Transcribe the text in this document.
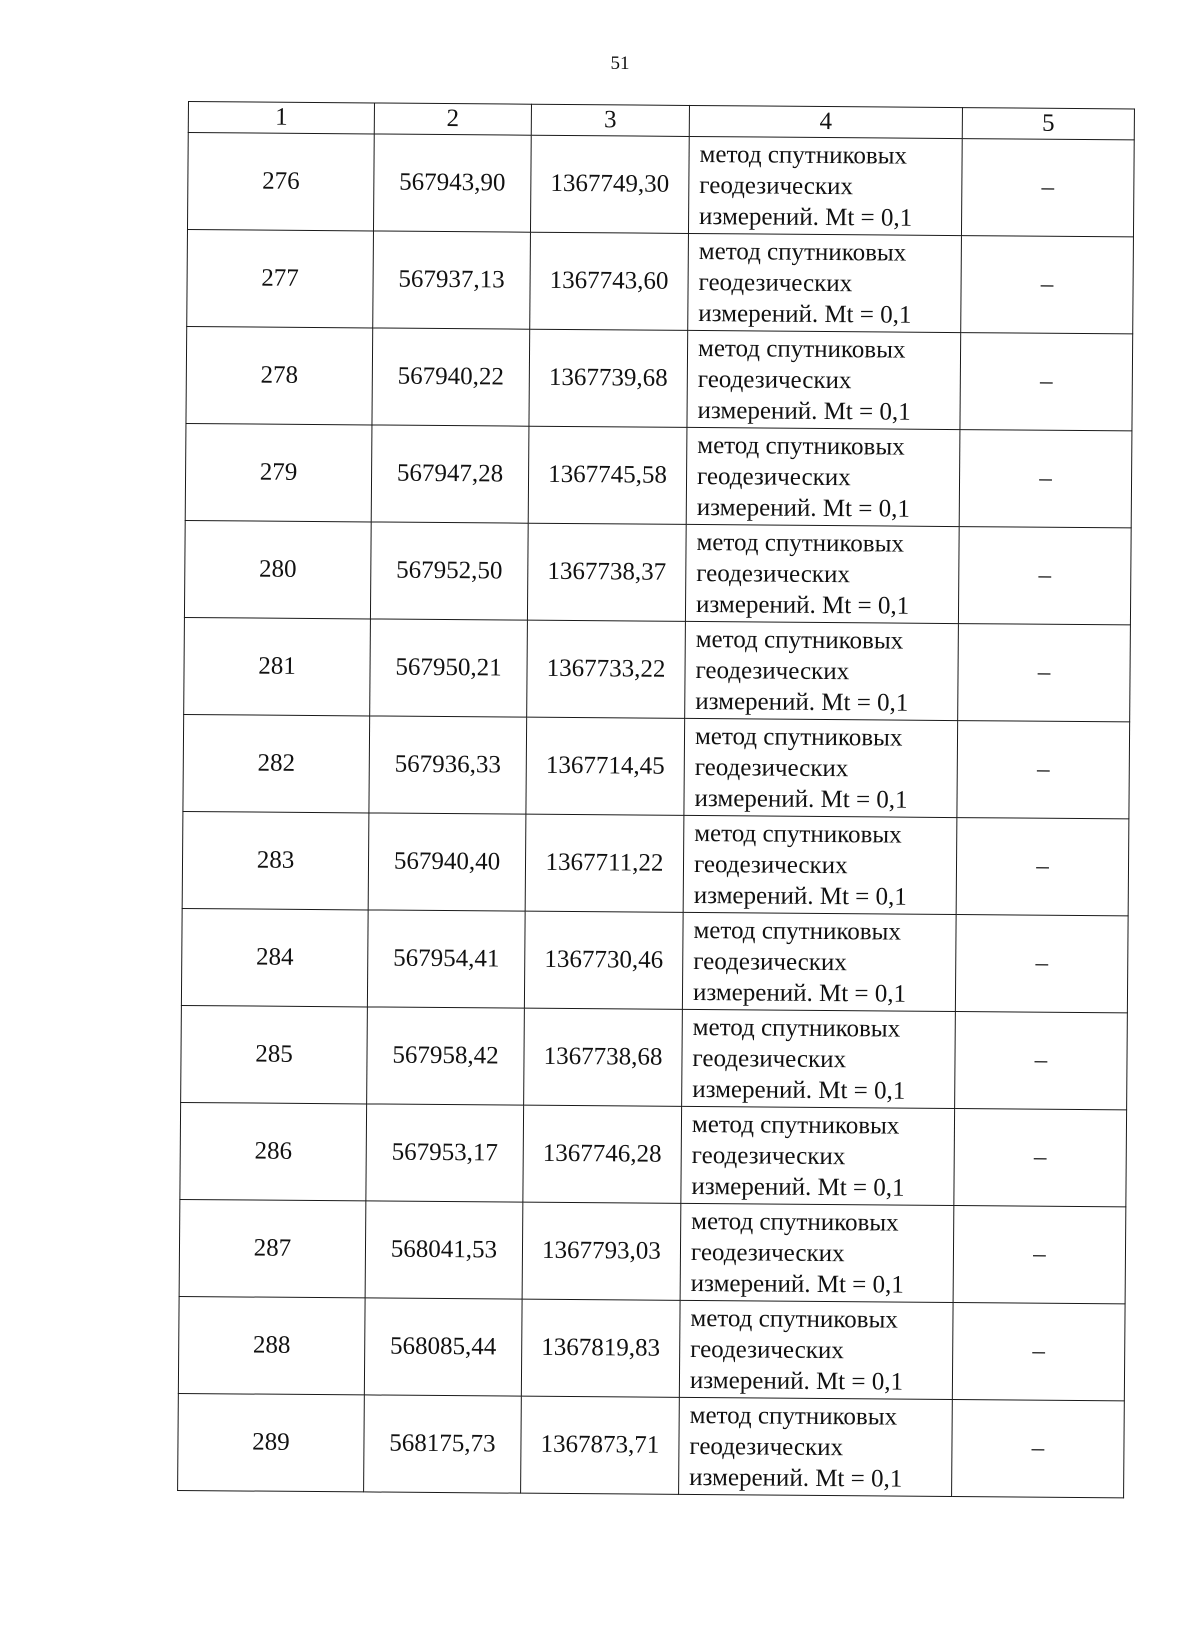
51
1	2	3	4	5
276	567943,90	1367749,30	метод спутниковых
геодезических
измерений. Mt = 0,1	–
277	567937,13	1367743,60	метод спутниковых
геодезических
измерений. Mt = 0,1	–
278	567940,22	1367739,68	метод спутниковых
геодезических
измерений. Mt = 0,1	–
279	567947,28	1367745,58	метод спутниковых
геодезических
измерений. Mt = 0,1	–
280	567952,50	1367738,37	метод спутниковых
геодезических
измерений. Mt = 0,1	–
281	567950,21	1367733,22	метод спутниковых
геодезических
измерений. Mt = 0,1	–
282	567936,33	1367714,45	метод спутниковых
геодезических
измерений. Mt = 0,1	–
283	567940,40	1367711,22	метод спутниковых
геодезических
измерений. Mt = 0,1	–
284	567954,41	1367730,46	метод спутниковых
геодезических
измерений. Mt = 0,1	–
285	567958,42	1367738,68	метод спутниковых
геодезических
измерений. Mt = 0,1	–
286	567953,17	1367746,28	метод спутниковых
геодезических
измерений. Mt = 0,1	–
287	568041,53	1367793,03	метод спутниковых
геодезических
измерений. Mt = 0,1	–
288	568085,44	1367819,83	метод спутниковых
геодезических
измерений. Mt = 0,1	–
289	568175,73	1367873,71	метод спутниковых
геодезических
измерений. Mt = 0,1	–
